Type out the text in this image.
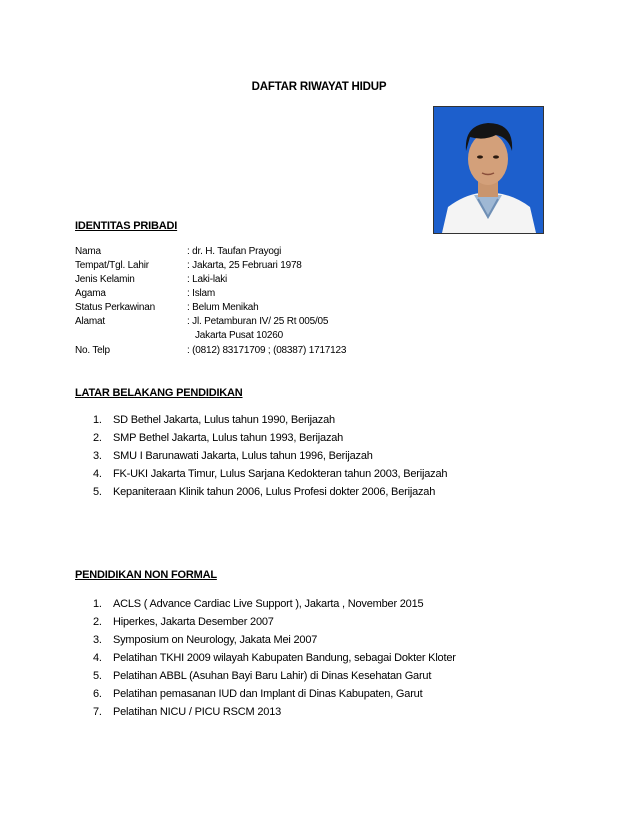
DAFTAR RIWAYAT HIDUP
IDENTITAS PRIBADI
Nama	: dr. H. Taufan Prayogi
Tempat/Tgl. Lahir	: Jakarta, 25 Februari 1978
Jenis Kelamin	: Laki-laki
Agama	: Islam
Status Perkawinan	: Belum Menikah
Alamat	: Jl. Petamburan IV/ 25 Rt 005/05
Jakarta Pusat 10260
No. Telp	: (0812) 83171709 ; (08387) 1717123
LATAR BELAKANG PENDIDIKAN
1. SD Bethel Jakarta, Lulus tahun 1990, Berijazah
2. SMP Bethel Jakarta, Lulus tahun 1993, Berijazah
3. SMU I Barunawati Jakarta, Lulus tahun 1996, Berijazah
4. FK-UKI Jakarta Timur, Lulus Sarjana Kedokteran tahun 2003, Berijazah
5. Kepaniteraan Klinik tahun 2006, Lulus Profesi dokter 2006, Berijazah
PENDIDIKAN NON FORMAL
1. ACLS ( Advance Cardiac Live Support ), Jakarta , November 2015
2. Hiperkes, Jakarta Desember 2007
3. Symposium on Neurology, Jakata Mei 2007
4. Pelatihan TKHI 2009 wilayah Kabupaten Bandung, sebagai Dokter Kloter
5. Pelatihan ABBL (Asuhan Bayi Baru Lahir) di Dinas Kesehatan Garut
6. Pelatihan pemasanan IUD dan Implant di Dinas Kabupaten, Garut
7. Pelatihan NICU / PICU RSCM 2013
